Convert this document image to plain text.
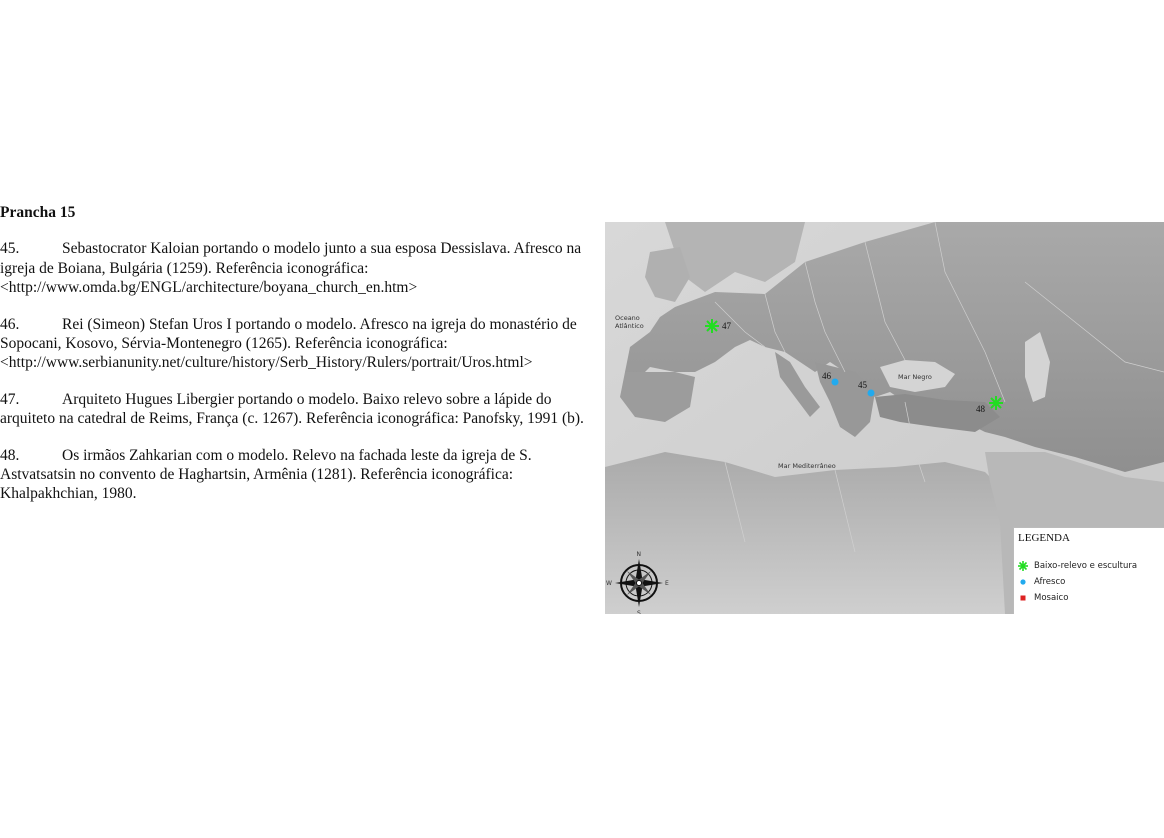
Prancha 15
45.	Sebastocrator Kaloian portando o modelo junto a sua esposa Dessislava. Afresco na igreja de Boiana, Bulgária (1259). Referência iconográfica:
<http://www.omda.bg/ENGL/architecture/boyana_church_en.htm>
46.	Rei (Simeon) Stefan Uros I portando o modelo. Afresco na igreja do monastério de Sopocani, Kosovo, Sérvia-Montenegro (1265). Referência iconográfica:
<http://www.serbianunity.net/culture/history/Serb_History/Rulers/portrait/Uros.html>
47.	Arquiteto Hugues Libergier portando o modelo. Baixo relevo sobre a lápide do arquiteto na catedral de Reims, França (c. 1267). Referência iconográfica: Panofsky, 1991 (b).
48.	Os irmãos Zahkarian com o modelo. Relevo na fachada leste da igreja de S. Astvatsatsin no convento de Haghartsin, Armênia (1281). Referência iconográfica: Khalpakhchian, 1980.
Oceano
Atlântico
Mar Negro
Mar Mediterrâneo
47
46
45
48
N
S
E
W
LEGENDA
Baixo-relevo e escultura
Afresco
Mosaico
